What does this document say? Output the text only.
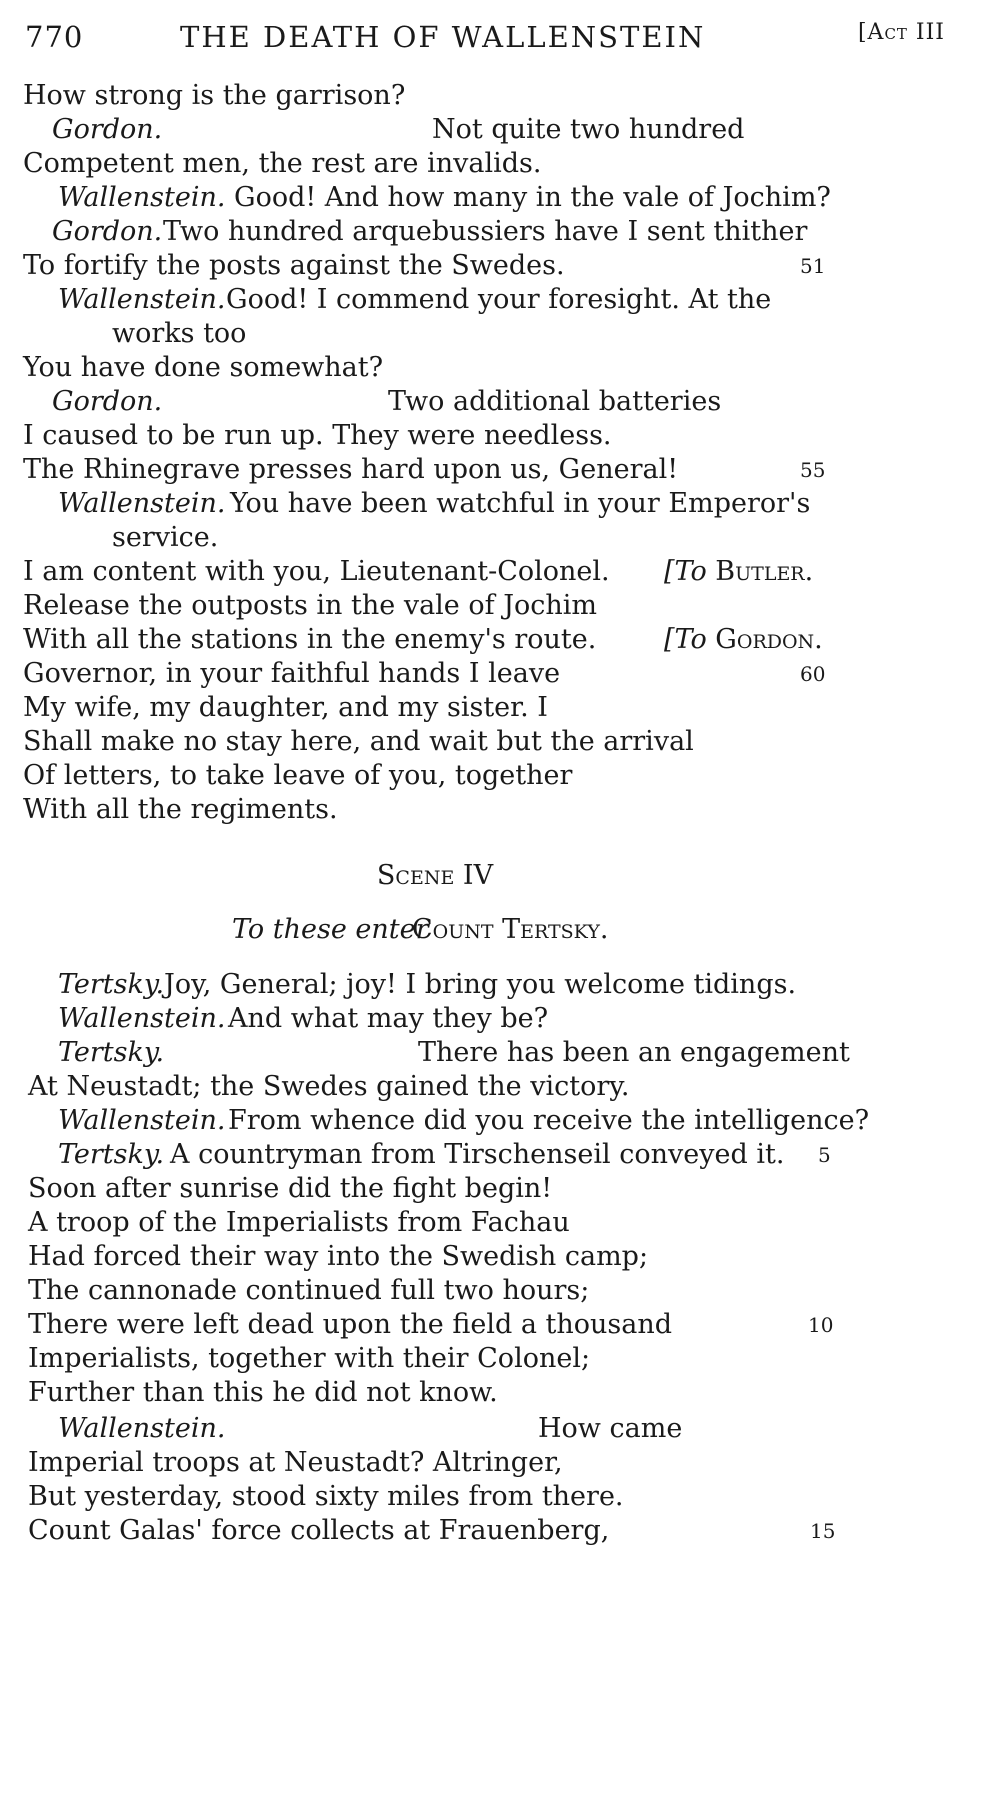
770	THE DEATH OF WALLENSTEIN	[Act III
How strong is the garrison?
Gordon.	Not quite two hundred
Competent men, the rest are invalids.
Wallenstein. Good! And how many in the vale of Jochim?
Gordon. Two hundred arquebussiers have I sent thither
To fortify the posts against the Swedes.	51
Wallenstein. Good! I commend your foresight. At the
works too
You have done somewhat?
Gordon.	Two additional batteries
I caused to be run up. They were needless.
The Rhinegrave presses hard upon us, General!	55
Wallenstein. You have been watchful in your Emperor's
service.
I am content with you, Lieutenant-Colonel. [To Butler.
Release the outposts in the vale of Jochim
With all the stations in the enemy's route.	[To Gordon.
Governor, in your faithful hands I leave	60
My wife, my daughter, and my sister. I
Shall make no stay here, and wait but the arrival
Of letters, to take leave of you, together
With all the regiments.
Scene IV
To these enter
Count Tertsky.
Tertsky. Joy, General; joy! I bring you welcome tidings.
Wallenstein. And what may they be?
Tertsky.	There has been an engagement
At Neustadt; the Swedes gained the victory.
Wallenstein. From whence did you receive the intelligence?
Tertsky. A countryman from Tirschenseil conveyed it. 5
Soon after sunrise did the fight begin!
A troop of the Imperialists from Fachau
Had forced their way into the Swedish camp;
The cannonade continued full two hours;
There were left dead upon the field a thousand	10
Imperialists, together with their Colonel;
Further than this he did not know.
Wallenstein.	How came
Imperial troops at Neustadt? Altringer,
But yesterday, stood sixty miles from there.
Count Galas' force collects at Frauenberg,	15
